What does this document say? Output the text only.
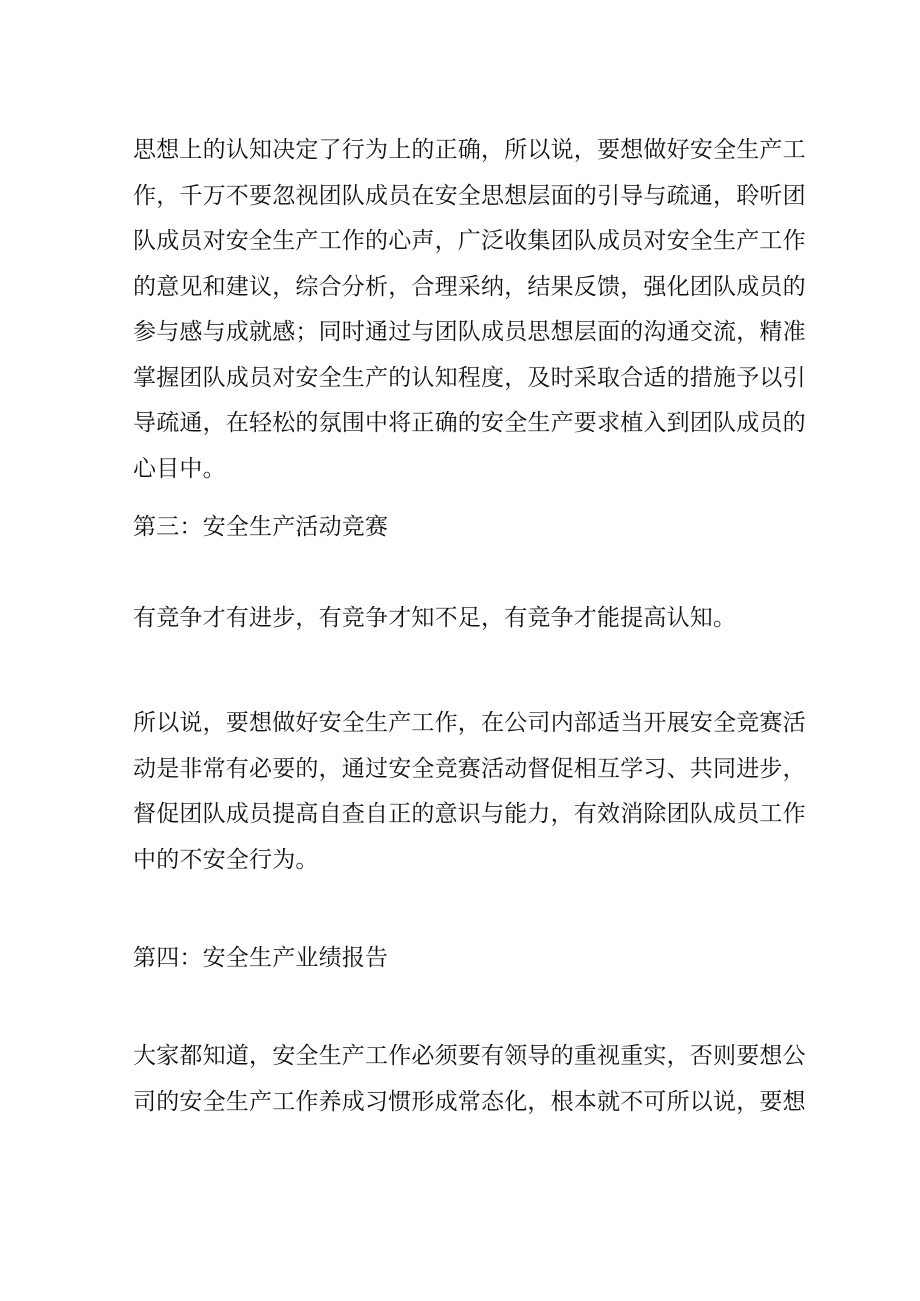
思想上的认知决定了行为上的正确，所以说，要想做好安全生产工
作，千万不要忽视团队成员在安全思想层面的引导与疏通，聆听团
队成员对安全生产工作的心声，广泛收集团队成员对安全生产工作
的意见和建议，综合分析，合理采纳，结果反馈，强化团队成员的
参与感与成就感；同时通过与团队成员思想层面的沟通交流，精准
掌握团队成员对安全生产的认知程度，及时采取合适的措施予以引
导疏通，在轻松的氛围中将正确的安全生产要求植入到团队成员的
心目中。
第三：安全生产活动竞赛
有竞争才有进步，有竞争才知不足，有竞争才能提高认知。
所以说，要想做好安全生产工作，在公司内部适当开展安全竞赛活
动是非常有必要的，通过安全竞赛活动督促相互学习、共同进步，
督促团队成员提高自查自正的意识与能力，有效消除团队成员工作
中的不安全行为。
第四：安全生产业绩报告
大家都知道，安全生产工作必须要有领导的重视重实，否则要想公
司的安全生产工作养成习惯形成常态化，根本就不可所以说，要想
